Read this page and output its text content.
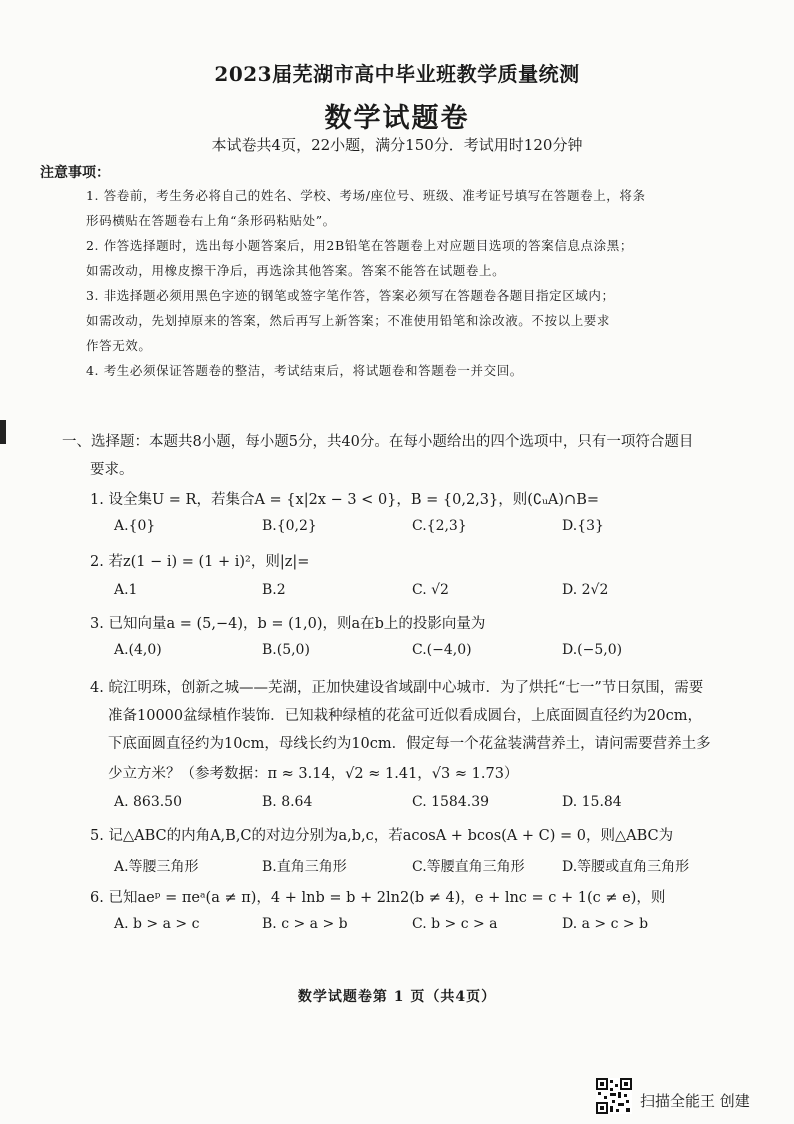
2023届芜湖市高中毕业班教学质量统测
数学试题卷
本试卷共4页，22小题，满分150分．考试用时120分钟
注意事项：
1. 答卷前，考生务必将自己的姓名、学校、考场/座位号、班级、准考证号填写在答题卷上，将条
形码横贴在答题卷右上角“条形码粘贴处”。
2. 作答选择题时，选出每小题答案后，用2B铅笔在答题卷上对应题目选项的答案信息点涂黑；
如需改动，用橡皮擦干净后，再选涂其他答案。答案不能答在试题卷上。
3. 非选择题必须用黑色字迹的钢笔或签字笔作答，答案必须写在答题卷各题目指定区域内；
如需改动，先划掉原来的答案，然后再写上新答案；不准使用铅笔和涂改液。不按以上要求
作答无效。
4. 考生必须保证答题卷的整洁，考试结束后，将试题卷和答题卷一并交回。
一、选择题：本题共8小题，每小题5分，共40分。在每小题给出的四个选项中，只有一项符合题目
要求。
1. 设全集U = R，若集合A = {x|2x − 3 < 0}，B = {0,2,3}，则(∁ᵤA)∩B=
A.{0}	B.{0,2}	C.{2,3}	D.{3}
2. 若z(1 − i) = (1 + i)²，则|z|=
A.1	B.2	C. √2	D. 2√2
3. 已知向量a = (5,−4)，b = (1,0)，则a在b上的投影向量为
A.(4,0)	B.(5,0)	C.(−4,0)	D.(−5,0)
4. 皖江明珠，创新之城——芜湖，正加快建设省域副中心城市．为了烘托“七一”节日氛围，需要
准备10000盆绿植作装饰．已知栽种绿植的花盆可近似看成圆台，上底面圆直径约为20cm，
下底面圆直径约为10cm，母线长约为10cm．假定每一个花盆装满营养土，请问需要营养土多
少立方米？（参考数据：π ≈ 3.14，√2 ≈ 1.41，√3 ≈ 1.73）
A. 863.50	B. 8.64	C. 1584.39	D. 15.84
5. 记△ABC的内角A,B,C的对边分别为a,b,c，若acosA + bcos(A + C) = 0，则△ABC为
A.等腰三角形	B.直角三角形	C.等腰直角三角形	D.等腰或直角三角形
6. 已知aeᵖ = πeᵃ(a ≠ π)，4 + lnb = b + 2ln2(b ≠ 4)，e + lnc = c + 1(c ≠ e)，则
A. b > a > c	B. c > a > b	C. b > c > a	D. a > c > b
数学试题卷第 1 页（共4页）
扫描全能王 创建
